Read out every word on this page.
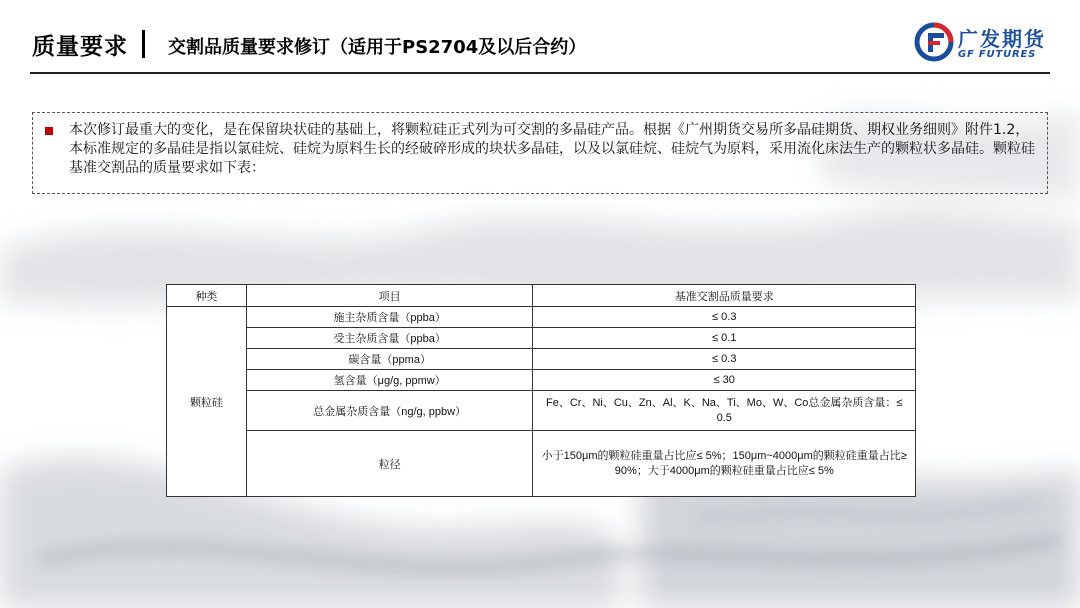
质量要求 交割品质量要求修订（适用于PS2704及以后合约）	广发期货
GF FUTURES
本次修订最重大的变化，是在保留块状硅的基础上，将颗粒硅正式列为可交割的多晶硅产品。根据《广州期货交易所多晶硅期货、期权业务细则》附件1.2，本标准规定的多晶硅是指以氯硅烷、硅烷为原料生长的经破碎形成的块状多晶硅，以及以氯硅烷、硅烷气为原料，采用流化床法生产的颗粒状多晶硅。颗粒硅基准交割品的质量要求如下表：
种类	项目	基准交割品质量要求
颗粒硅	施主杂质含量（ppba）	≤ 0.3
	受主杂质含量（ppba）	≤ 0.1
	碳含量（ppma）	≤ 0.3
	氢含量（μg/g, ppmw）	≤ 30
	总金属杂质含量（ng/g, ppbw）	Fe、Cr、Ni、Cu、Zn、Al、K、Na、Ti、Mo、W、Co总金属杂质含量：≤ 0.5
	粒径	小于150μm的颗粒硅重量占比应≤ 5%；150μm~4000μm的颗粒硅重量占比≥ 90%；大于4000μm的颗粒硅重量占比应≤ 5%
